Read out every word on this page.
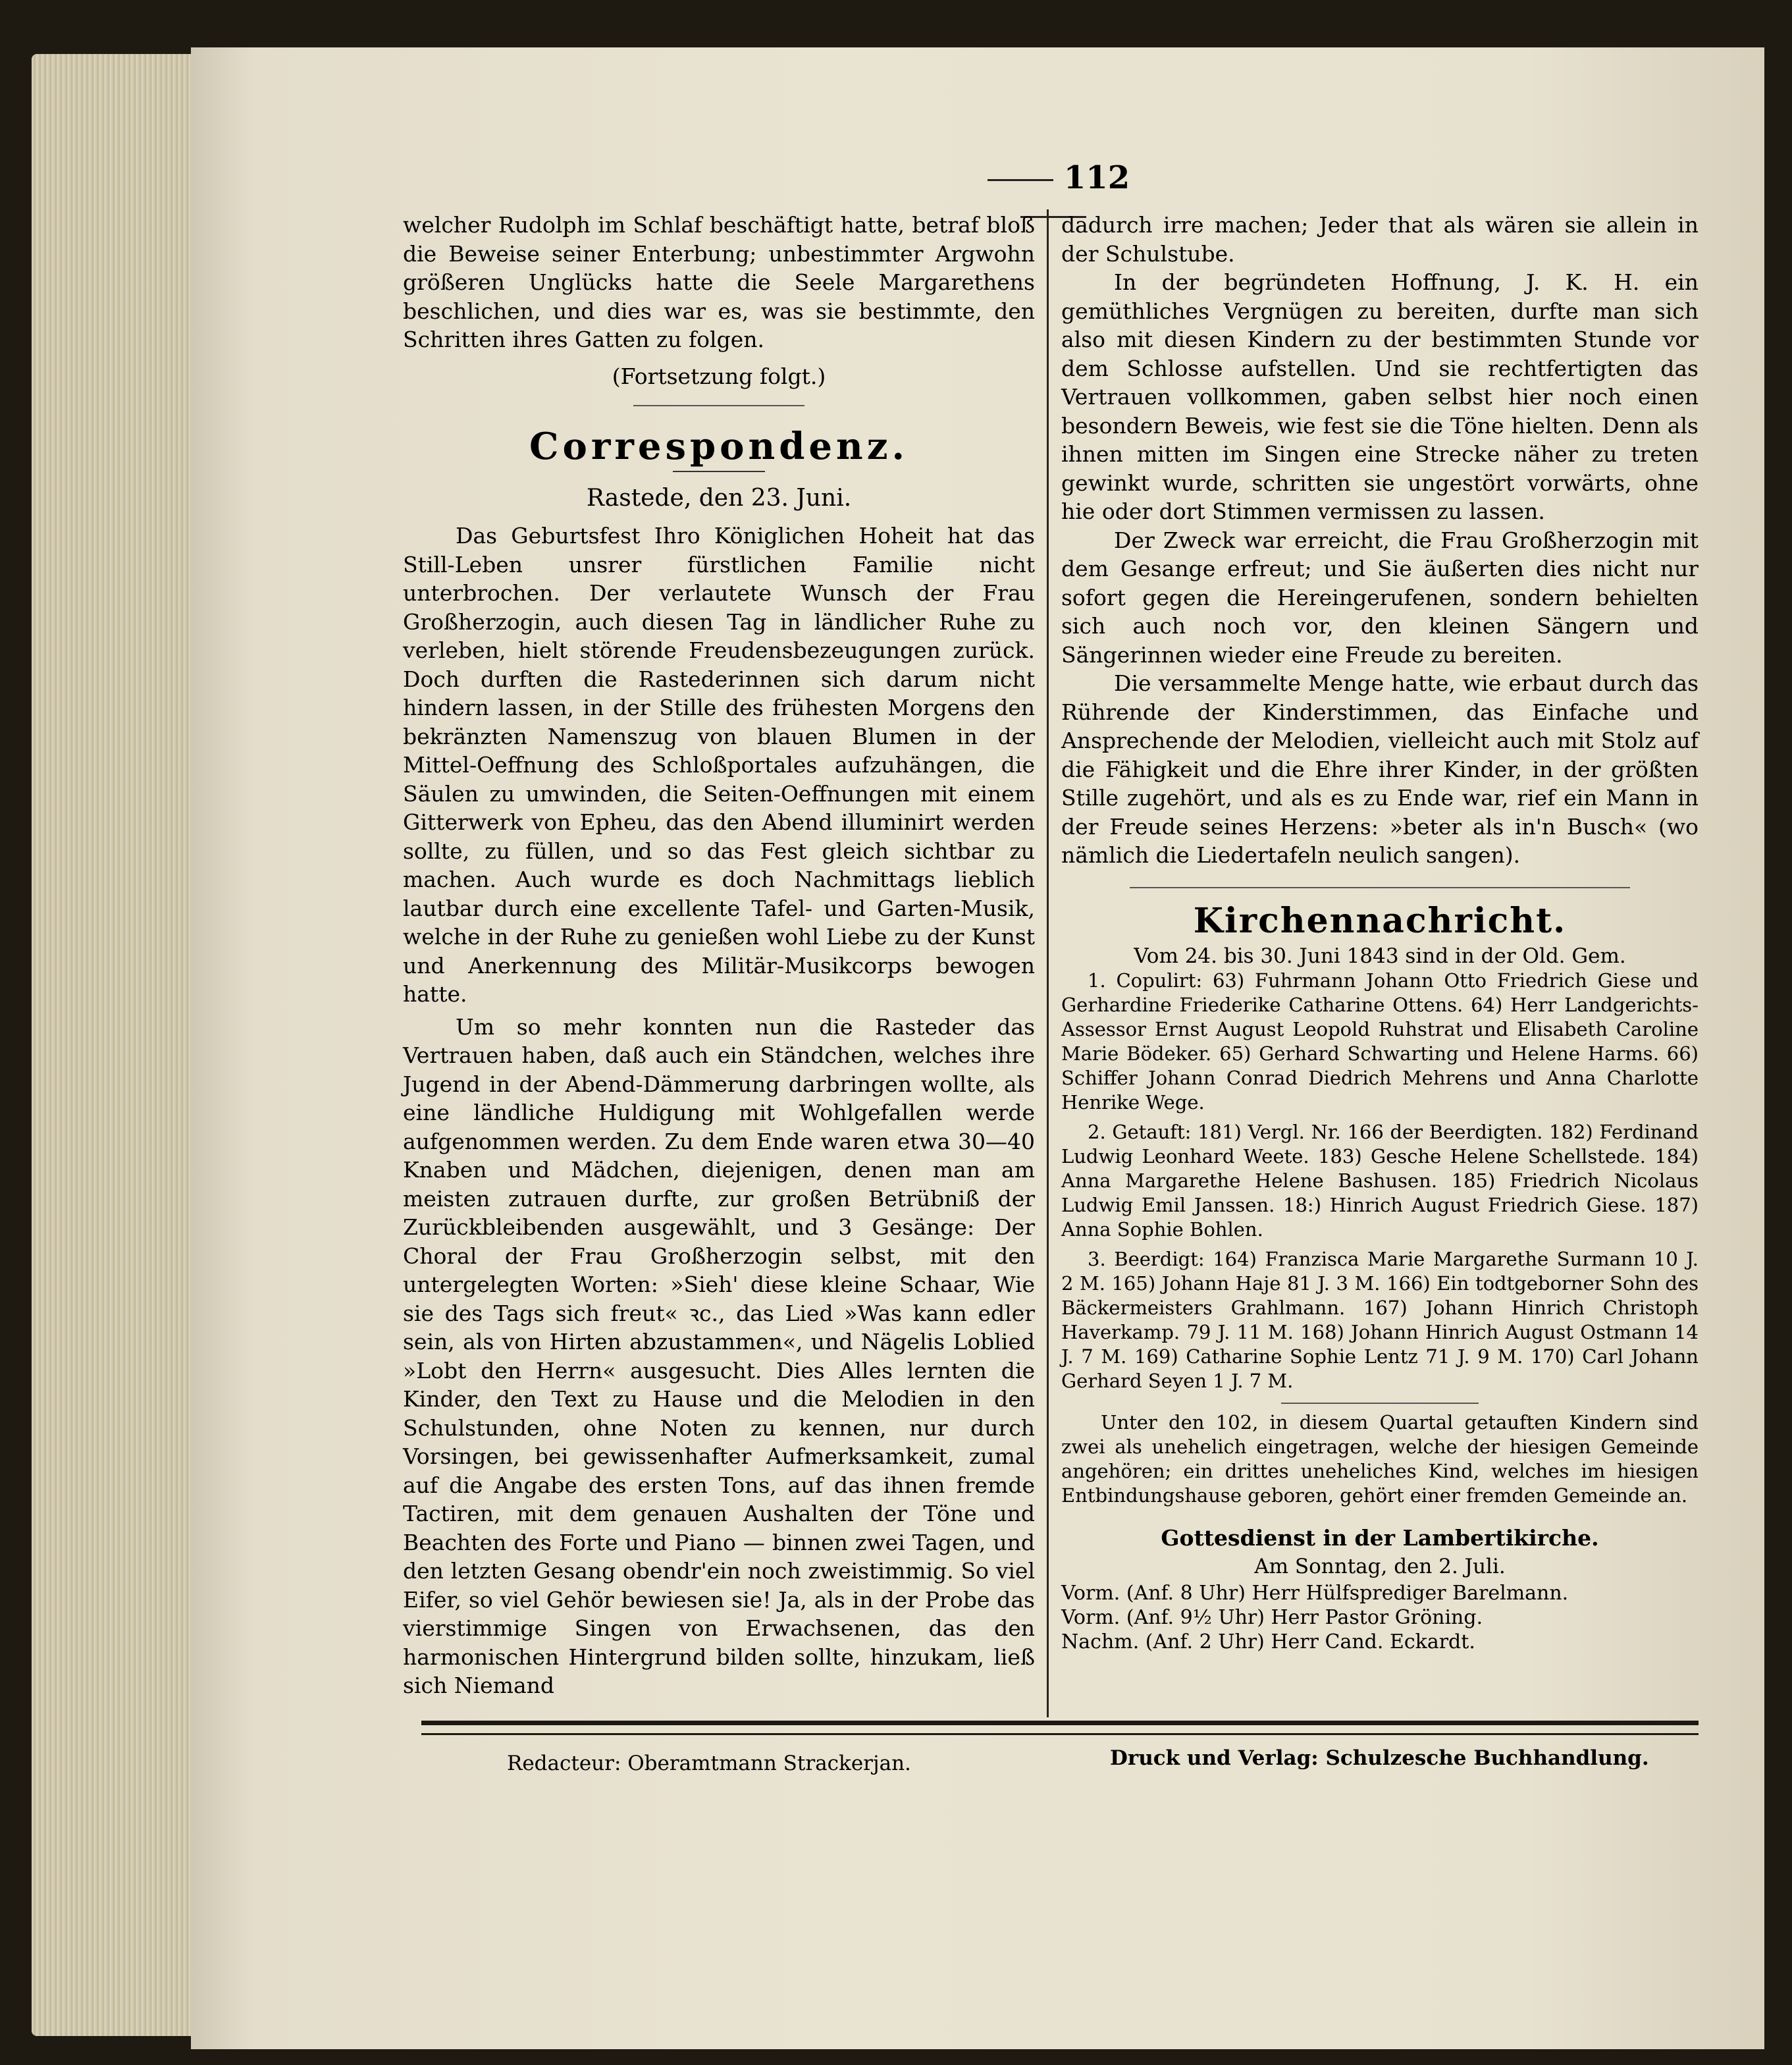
112

welcher Rudolph im Schlaf beschäftigt hatte, betraf bloß die Beweise seiner Enterbung; unbestimmter Argwohn größeren Unglücks hatte die Seele Margarethens beschlichen, und dies war es, was sie bestimmte, den Schritten ihres Gatten zu folgen.

(Fortsetzung folgt.)

Correspondenz.

Rastede, den 23. Juni.

Das Geburtsfest Ihro Königlichen Hoheit hat das Still-Leben unsrer fürstlichen Familie nicht unterbrochen. Der verlautete Wunsch der Frau Großherzogin, auch diesen Tag in ländlicher Ruhe zu verleben, hielt störende Freudensbezeugungen zurück. Doch durften die Rastederinnen sich darum nicht hindern lassen, in der Stille des frühesten Morgens den bekränzten Namenszug von blauen Blumen in der Mittel-Oeffnung des Schloßportales aufzuhängen, die Säulen zu umwinden, die Seiten-Oeffnungen mit einem Gitterwerk von Epheu, das den Abend illuminirt werden sollte, zu füllen, und so das Fest gleich sichtbar zu machen. Auch wurde es doch Nachmittags lieblich lautbar durch eine excellente Tafel- und Garten-Musik, welche in der Ruhe zu genießen wohl Liebe zu der Kunst und Anerkennung des Militär-Musikcorps bewogen hatte.

Um so mehr konnten nun die Rasteder das Vertrauen haben, daß auch ein Ständchen, welches ihre Jugend in der Abend-Dämmerung darbringen wollte, als eine ländliche Huldigung mit Wohlgefallen werde aufgenommen werden. Zu dem Ende waren etwa 30—40 Knaben und Mädchen, diejenigen, denen man am meisten zutrauen durfte, zur großen Betrübniß der Zurückbleibenden ausgewählt, und 3 Gesänge: Der Choral der Frau Großherzogin selbst, mit den untergelegten Worten: »Sieh' diese kleine Schaar, Wie sie des Tags sich freut« ꝛc., das Lied »Was kann edler sein, als von Hirten abzustammen«, und Nägelis Loblied »Lobt den Herrn« ausgesucht. Dies Alles lernten die Kinder, den Text zu Hause und die Melodien in den Schulstunden, ohne Noten zu kennen, nur durch Vorsingen, bei gewissenhafter Aufmerksamkeit, zumal auf die Angabe des ersten Tons, auf das ihnen fremde Tactiren, mit dem genauen Aushalten der Töne und Beachten des Forte und Piano — binnen zwei Tagen, und den letzten Gesang obendr'ein noch zweistimmig. So viel Eifer, so viel Gehör bewiesen sie! Ja, als in der Probe das vierstimmige Singen von Erwachsenen, das den harmonischen Hintergrund bilden sollte, hinzukam, ließ sich Niemand

dadurch irre machen; Jeder that als wären sie allein in der Schulstube.

In der begründeten Hoffnung, J. K. H. ein gemüthliches Vergnügen zu bereiten, durfte man sich also mit diesen Kindern zu der bestimmten Stunde vor dem Schlosse aufstellen. Und sie rechtfertigten das Vertrauen vollkommen, gaben selbst hier noch einen besondern Beweis, wie fest sie die Töne hielten. Denn als ihnen mitten im Singen eine Strecke näher zu treten gewinkt wurde, schritten sie ungestört vorwärts, ohne hie oder dort Stimmen vermissen zu lassen.

Der Zweck war erreicht, die Frau Großherzogin mit dem Gesange erfreut; und Sie äußerten dies nicht nur sofort gegen die Hereingerufenen, sondern behielten sich auch noch vor, den kleinen Sängern und Sängerinnen wieder eine Freude zu bereiten.

Die versammelte Menge hatte, wie erbaut durch das Rührende der Kinderstimmen, das Einfache und Ansprechende der Melodien, vielleicht auch mit Stolz auf die Fähigkeit und die Ehre ihrer Kinder, in der größten Stille zugehört, und als es zu Ende war, rief ein Mann in der Freude seines Herzens: »beter als in'n Busch« (wo nämlich die Liedertafeln neulich sangen).

Kirchennachricht.

Vom 24. bis 30. Juni 1843 sind in der Old. Gem.

1. Copulirt: 63) Fuhrmann Johann Otto Friedrich Giese und Gerhardine Friederike Catharine Ottens. 64) Herr Landgerichts-Assessor Ernst August Leopold Ruhstrat und Elisabeth Caroline Marie Bödeker. 65) Gerhard Schwarting und Helene Harms. 66) Schiffer Johann Conrad Diedrich Mehrens und Anna Charlotte Henrike Wege.

2. Getauft: 181) Vergl. Nr. 166 der Beerdigten. 182) Ferdinand Ludwig Leonhard Weete. 183) Gesche Helene Schellstede. 184) Anna Margarethe Helene Bashusen. 185) Friedrich Nicolaus Ludwig Emil Janssen. 18:) Hinrich August Friedrich Giese. 187) Anna Sophie Bohlen.

3. Beerdigt: 164) Franzisca Marie Margarethe Surmann 10 J. 2 M. 165) Johann Haje 81 J. 3 M. 166) Ein todtgeborner Sohn des Bäckermeisters Grahlmann. 167) Johann Hinrich Christoph Haverkamp. 79 J. 11 M. 168) Johann Hinrich August Ostmann 14 J. 7 M. 169) Catharine Sophie Lentz 71 J. 9 M. 170) Carl Johann Gerhard Seyen 1 J. 7 M.

Unter den 102, in diesem Quartal getauften Kindern sind zwei als unehelich eingetragen, welche der hiesigen Gemeinde angehören; ein drittes uneheliches Kind, welches im hiesigen Entbindungshause geboren, gehört einer fremden Gemeinde an.

Gottesdienst in der Lambertikirche.

Am Sonntag, den 2. Juli.

Vorm. (Anf. 8 Uhr) Herr Hülfsprediger Barelmann.

Vorm. (Anf. 9½ Uhr) Herr Pastor Gröning.

Nachm. (Anf. 2 Uhr) Herr Cand. Eckardt.

Redacteur: Oberamtmann Strackerjan.	Druck und Verlag: Schulzesche Buchhandlung.
